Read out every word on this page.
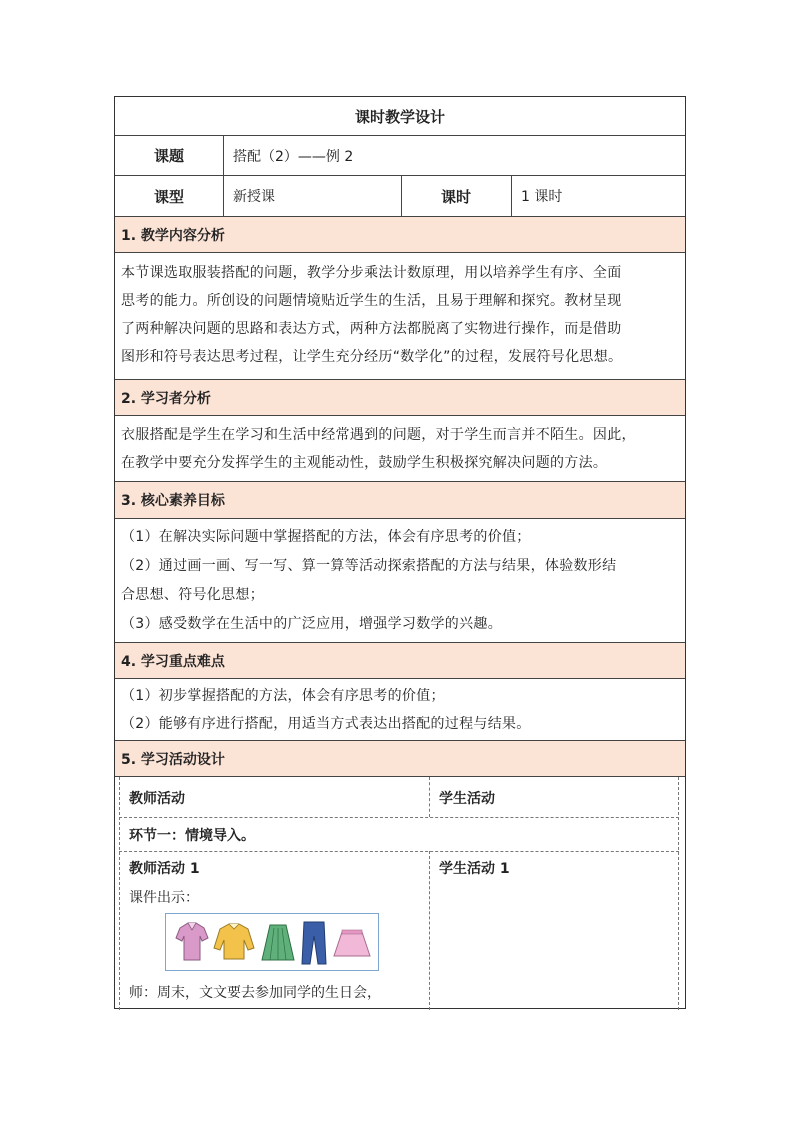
课时教学设计
课题	搭配（2）——例 2
课型	新授课	课时	1 课时
1. 教学内容分析

本节课选取服装搭配的问题，教学分步乘法计数原理，用以培养学生有序、全面

思考的能力。所创设的问题情境贴近学生的生活，且易于理解和探究。教材呈现

了两种解决问题的思路和表达方式，两种方法都脱离了实物进行操作，而是借助

图形和符号表达思考过程，让学生充分经历“数学化”的过程，发展符号化思想。

2. 学习者分析

衣服搭配是学生在学习和生活中经常遇到的问题，对于学生而言并不陌生。因此，

在教学中要充分发挥学生的主观能动性，鼓励学生积极探究解决问题的方法。

3. 核心素养目标

（1）在解决实际问题中掌握搭配的方法，体会有序思考的价值；

（2）通过画一画、写一写、算一算等活动探索搭配的方法与结果，体验数形结

合思想、符号化思想；

（3）感受数学在生活中的广泛应用，增强学习数学的兴趣。

4. 学习重点难点

（1）初步掌握搭配的方法，体会有序思考的价值；

（2）能够有序进行搭配，用适当方式表达出搭配的过程与结果。

5. 学习活动设计
教师活动	学生活动
环节一：情境导入。
教师活动 1	学生活动 1
课件出示：
师：周末，文文要去参加同学的生日会，
